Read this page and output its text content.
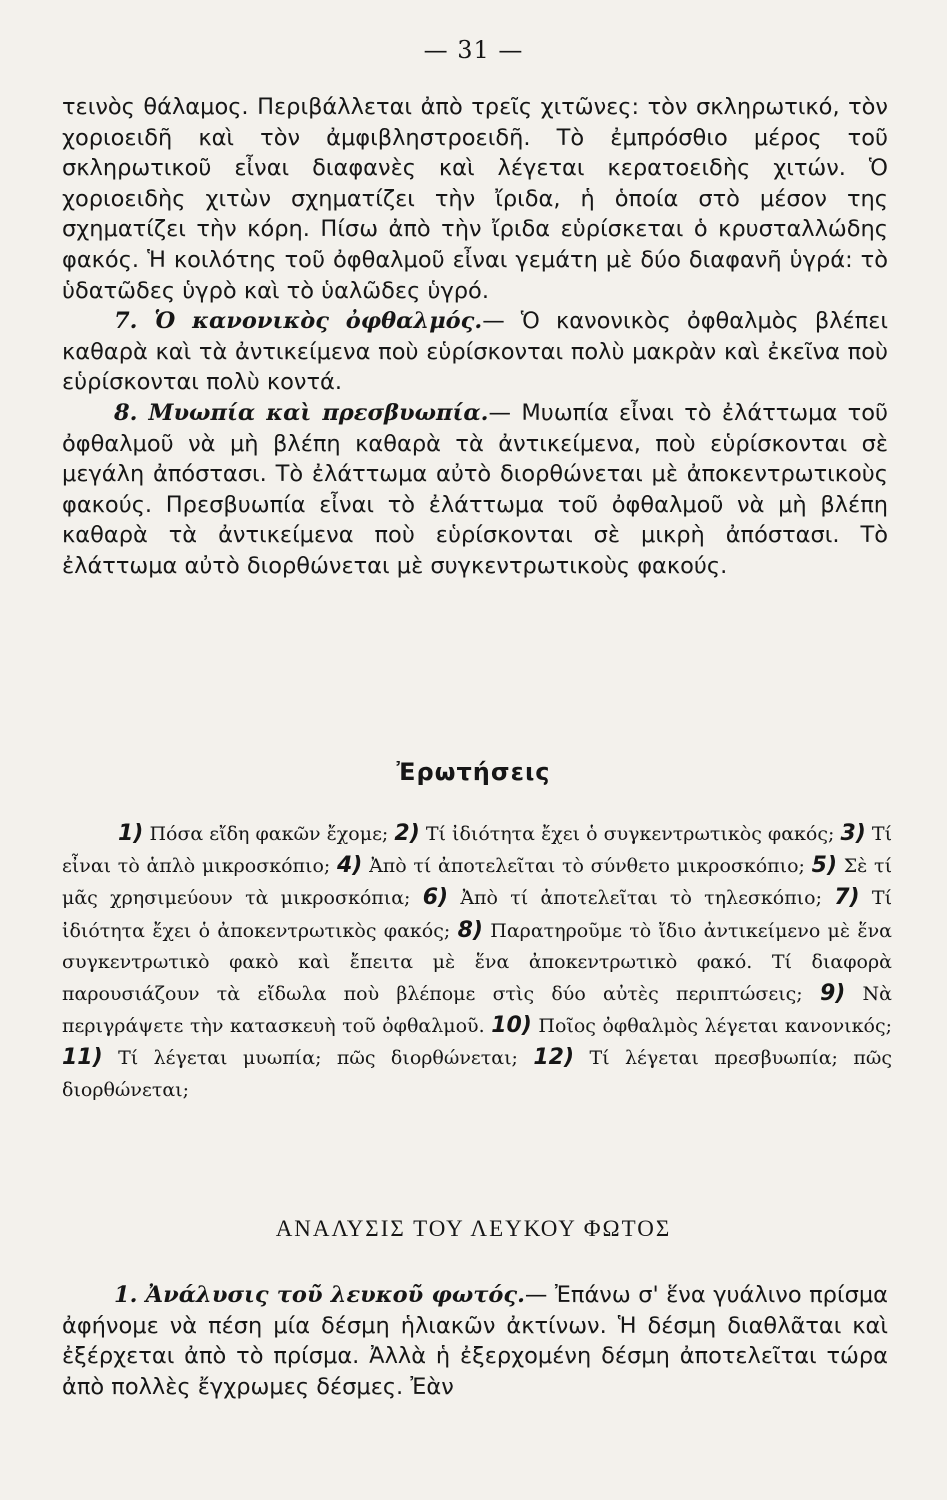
— 31 —

τεινὸς θάλαμος. Περιβάλλεται ἀπὸ τρεῖς χιτῶνες: τὸν σκληρωτικό, τὸν χοριοειδῆ καὶ τὸν ἀμφιβληστροειδῆ. Τὸ ἐμπρόσθιο μέρος τοῦ σκληρωτικοῦ εἶναι διαφανὲς καὶ λέγεται κερατοειδὴς χιτών. Ὁ χοριοειδὴς χιτὼν σχηματίζει τὴν ἴριδα, ἡ ὁποία στὸ μέσον της σχηματίζει τὴν κόρη. Πίσω ἀπὸ τὴν ἴριδα εὑρίσκεται ὁ κρυσταλλώδης φακός. Ἡ κοιλότης τοῦ ὀφθαλμοῦ εἶναι γεμάτη μὲ δύο διαφανῆ ὑγρά: τὸ ὑδατῶδες ὑγρὸ καὶ τὸ ὑαλῶδες ὑγρό.

7. Ὁ κανονικὸς ὀφθαλμός.— Ὁ κανονικὸς ὀφθαλμὸς βλέπει καθαρὰ καὶ τὰ ἀντικείμενα ποὺ εὑρίσκονται πολὺ μακρὰν καὶ ἐκεῖνα ποὺ εὑρίσκονται πολὺ κοντά.

8. Μυωπία καὶ πρεσβυωπία.— Μυωπία εἶναι τὸ ἐλάττωμα τοῦ ὀφθαλμοῦ νὰ μὴ βλέπη καθαρὰ τὰ ἀντικείμενα, ποὺ εὑρίσκονται σὲ μεγάλη ἀπόστασι. Τὸ ἐλάττωμα αὐτὸ διορθώνεται μὲ ἀποκεντρωτικοὺς φακούς. Πρεσβυωπία εἶναι τὸ ἐλάττωμα τοῦ ὀφθαλμοῦ νὰ μὴ βλέπη καθαρὰ τὰ ἀντικείμενα ποὺ εὑρίσκονται σὲ μικρὴ ἀπόστασι. Τὸ ἐλάττωμα αὐτὸ διορθώνεται μὲ συγκεντρωτικοὺς φακούς.

Ἐρωτήσεις

1) Πόσα εἴδη φακῶν ἔχομε; 2) Τί ἰδιότητα ἔχει ὁ συγκεντρωτικὸς φακός; 3) Τί εἶναι τὸ ἁπλὸ μικροσκόπιο; 4) Ἀπὸ τί ἀποτελεῖται τὸ σύνθετο μικροσκόπιο; 5) Σὲ τί μᾶς χρησιμεύουν τὰ μικροσκόπια; 6) Ἀπὸ τί ἀποτελεῖται τὸ τηλεσκόπιο; 7) Τί ἰδιότητα ἔχει ὁ ἀποκεντρωτικὸς φακός; 8) Παρατηροῦμε τὸ ἴδιο ἀντικείμενο μὲ ἕνα συγκεντρωτικὸ φακὸ καὶ ἔπειτα μὲ ἕνα ἀποκεντρωτικὸ φακό. Τί διαφορὰ παρουσιάζουν τὰ εἴδωλα ποὺ βλέπομε στὶς δύο αὐτὲς περιπτώσεις; 9) Νὰ περιγράψετε τὴν κατασκευὴ τοῦ ὀφθαλμοῦ. 10) Ποῖος ὀφθαλμὸς λέγεται κανονικός; 11) Τί λέγεται μυωπία; πῶς διορθώνεται; 12) Τί λέγεται πρεσβυωπία; πῶς διορθώνεται;

ΑΝΑΛΥΣΙΣ ΤΟΥ ΛΕΥΚΟΥ ΦΩΤΟΣ

1. Ἀνάλυσις τοῦ λευκοῦ φωτός.— Ἐπάνω σ' ἕνα γυάλινο πρίσμα ἀφήνομε νὰ πέση μία δέσμη ἡλιακῶν ἀκτίνων. Ἡ δέσμη διαθλᾶται καὶ ἐξέρχεται ἀπὸ τὸ πρίσμα. Ἀλλὰ ἡ ἐξερχομένη δέσμη ἀποτελεῖται τώρα ἀπὸ πολλὲς ἔγχρωμες δέσμες. Ἐὰν
